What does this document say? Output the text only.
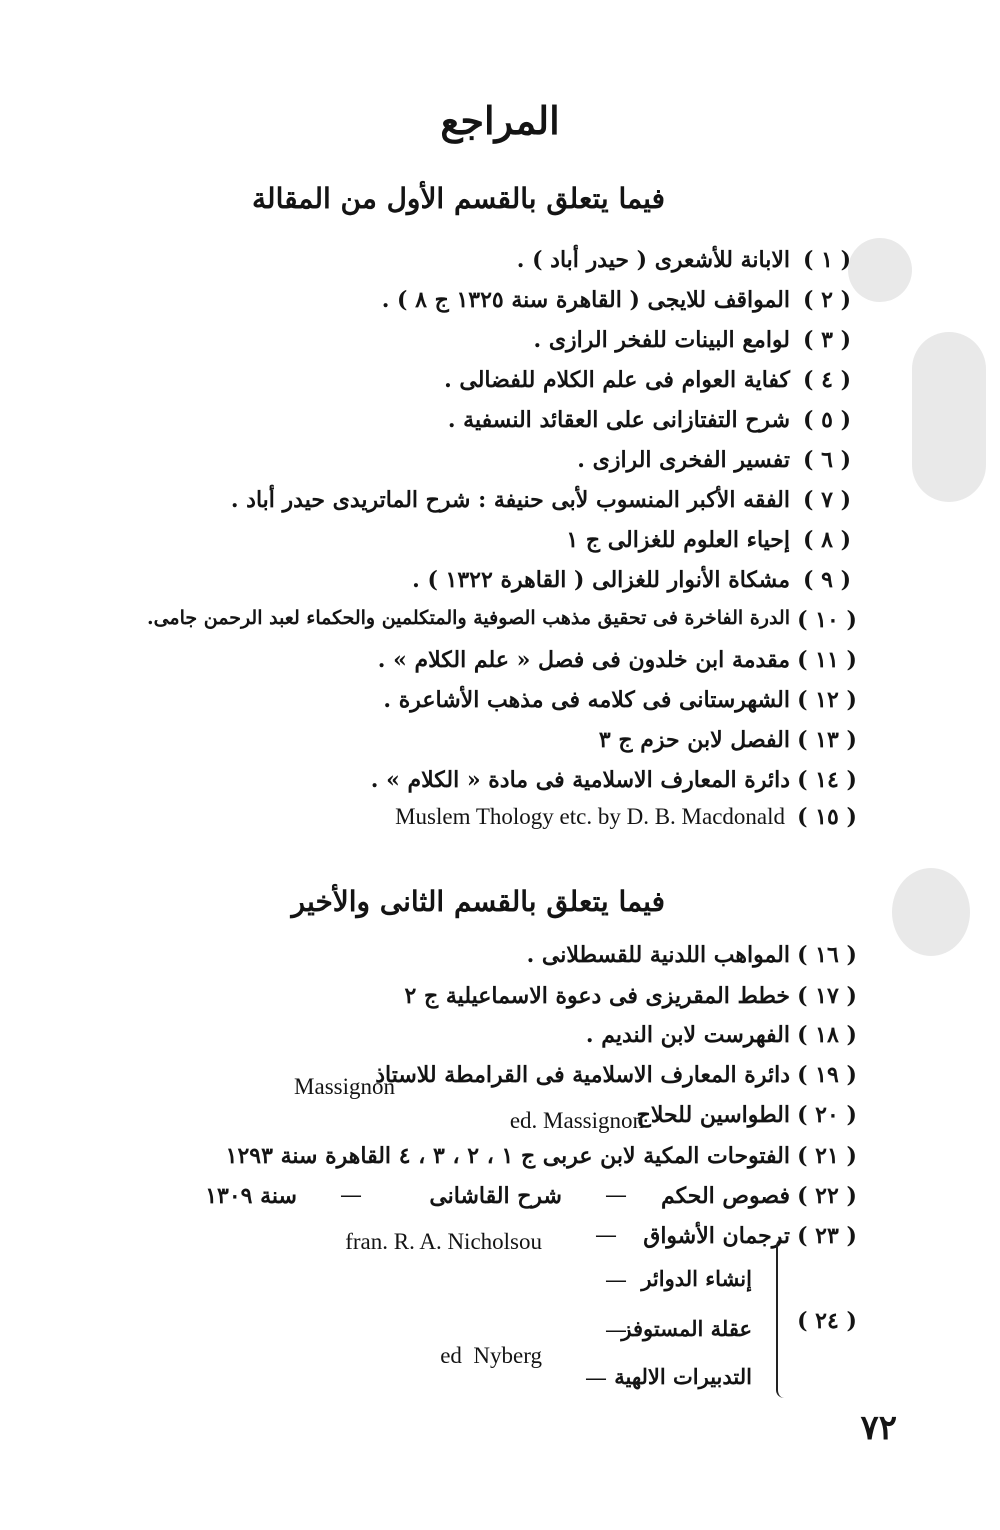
المراجع
فيما يتعلق بالقسم الأول من المقالة
( ١ )
الابانة للأشعرى ( حيدر أباد ) .
( ٢ )
المواقف للايجى ( القاهرة سنة ١٣٢٥ ج ٨ ) .
( ٣ )
لوامع البينات للفخر الرازى .
( ٤ )
كفاية العوام فى علم الكلام للفضالى .
( ٥ )
شرح التفتازانى على العقائد النسفية .
( ٦ )
تفسير الفخرى الرازى .
( ٧ )
الفقه الأكبر المنسوب لأبى حنيفة : شرح الماتريدى حيدر أباد .
( ٨ )
إحياء العلوم للغزالى ج ١
( ٩ )
مشكاة الأنوار للغزالى ( القاهرة ١٣٢٢ ) .
( ١٠ )
الدرة الفاخرة فى تحقيق مذهب الصوفية والمتكلمين والحكماء لعبد الرحمن جامى.
( ١١ )
مقدمة ابن خلدون فى فصل « علم الكلام » .
( ١٢ )
الشهرستانى فى كلامه فى مذهب الأشاعرة .
( ١٣ )
الفصل لابن حزم ج ٣
( ١٤ )
دائرة المعارف الاسلامية فى مادة « الكلام » .
( ١٥ )
Muslem Thology etc. by D. B. Macdonald
فيما يتعلق بالقسم الثانى والأخير
( ١٦ )
المواهب اللدنية للقسطلانى .
( ١٧ )
خطط المقريزى فى دعوة الاسماعيلية ج ٢
( ١٨ )
الفهرست لابن النديم .
( ١٩ )
دائرة المعارف الاسلامية فى القرامطة للاستاذ
Massignon
( ٢٠ )
الطواسين للحلاج
ed. Massignon
( ٢١ )
الفتوحات المكية لابن عربى ج ١ ، ٢ ، ٣ ، ٤ القاهرة سنة ١٢٩٣
( ٢٢ )
فصوص الحكم
—
شرح القاشانى
—
سنة ١٣٠٩
( ٢٣ )
ترجمان الأشواق
—
fran. R. A. Nicholsou
( ٢٤ )
إنشاء الدوائر
—
عقلة المستوفز
—
التدبيرات الالهية
—
ed  Nyberg
٧٢
